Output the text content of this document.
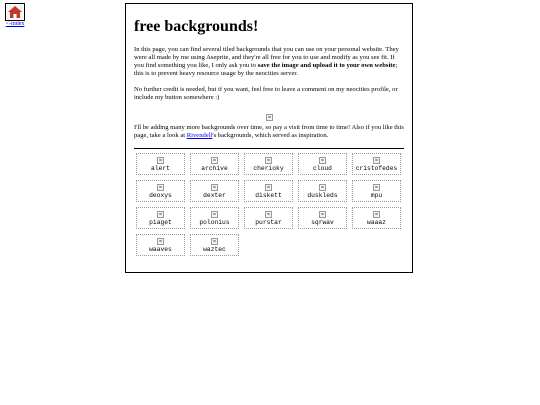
<-index	free backgrounds!

In this page, you can find several tiled backgrounds that you can use on your personal website. They were all made by me using Aseprite, and they're all free for you to use and modify as you see fit. If you find something you like, I only ask you to save the image and upload it to your own website; this is to prevent heavy resource usage by the neocities server.

No further credit is needed, but if you want, feel free to leave a comment on my neocities profile, or include my button somewhere :)

I'll be adding many more backgrounds over time, so pay a visit from time to time! Also if you like this page, take a look at Rivendell's backgrounds, which served as inspiration.

alert	archive	cherioky	cloud	cristofedes
deoxys	dexter	diskett	duskleds	mpu
piaget	polonius	purstar	sqrwav	waaaz
waaves	waztec
